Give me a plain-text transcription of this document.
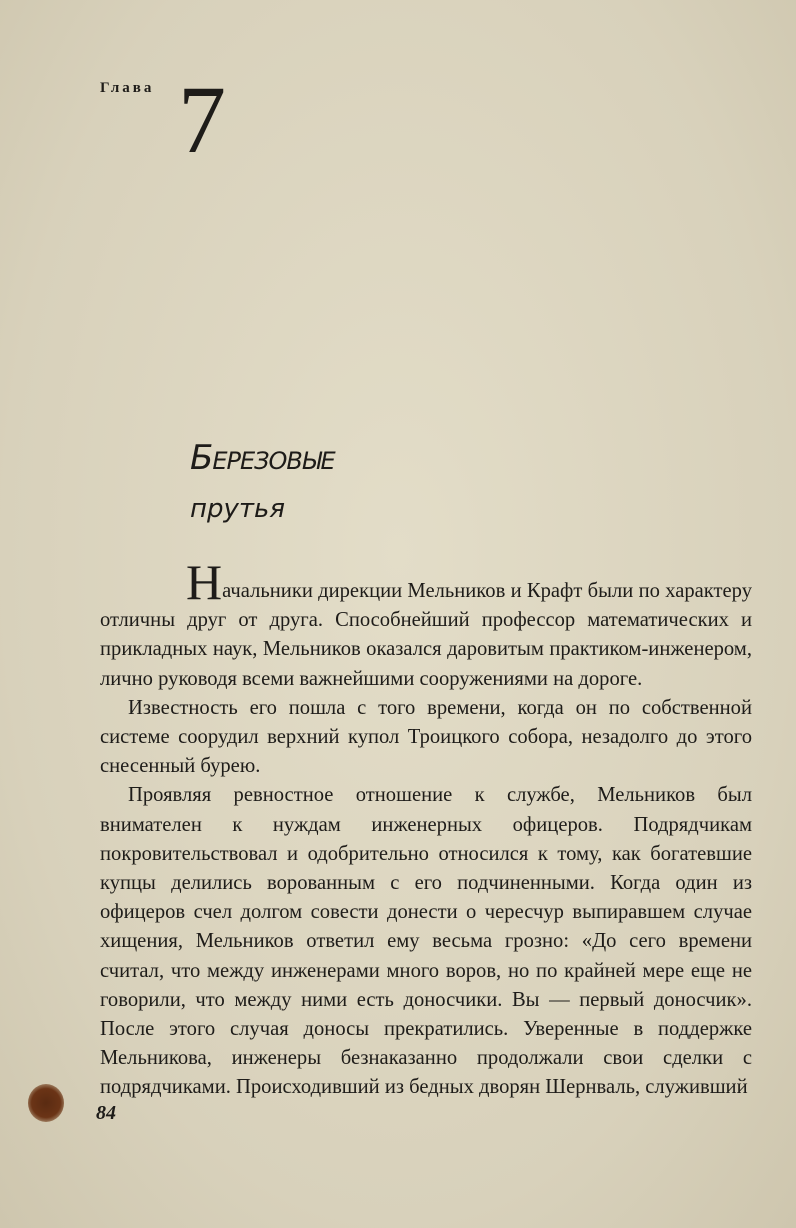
Глава 7
Березовые
прутья

Начальники дирекции Мельников и Крафт были по характеру отличны друг от друга. Способнейший профессор математических и прикладных наук, Мельников оказался даровитым практиком-инженером, лично руководя всеми важнейшими сооружениями на дороге.

Известность его пошла с того времени, когда он по собственной системе соорудил верхний купол Троицкого собора, незадолго до этого снесенный бурею.

Проявляя ревностное отношение к службе, Мельников был внимателен к нуждам инженерных офицеров. Подрядчикам покровительствовал и одобрительно относился к тому, как богатевшие купцы делились ворованным с его подчиненными. Когда один из офицеров счел долгом совести донести о чересчур выпиравшем случае хищения, Мельников ответил ему весьма грозно: «До сего времени считал, что между инженерами много воров, но по крайней мере еще не говорили, что между ними есть доносчики. Вы — первый доносчик». После этого случая доносы прекратились. Уверенные в поддержке Мельникова, инженеры безнаказанно продолжали свои сделки с подрядчиками. Происходивший из бедных дворян Шернваль, служивший

84
